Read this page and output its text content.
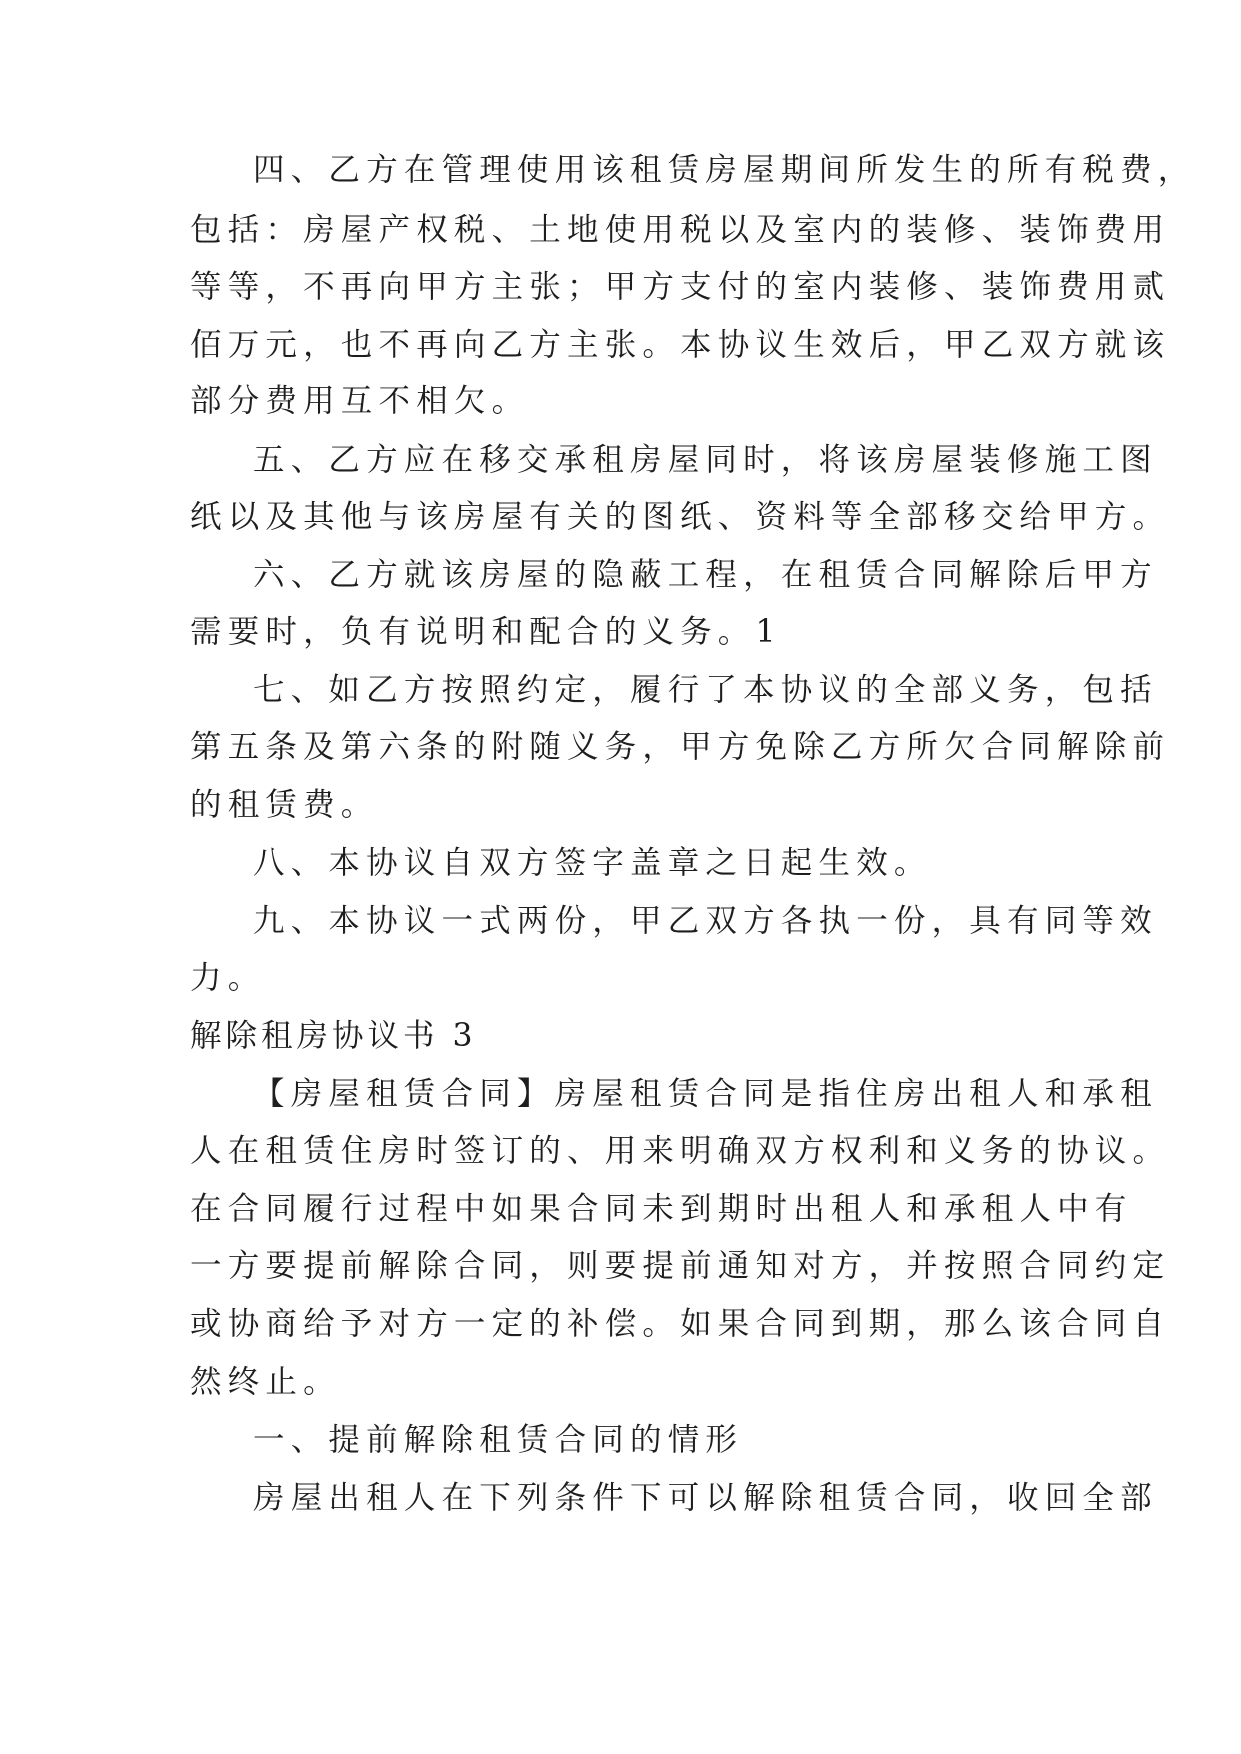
四、乙方在管理使用该租赁房屋期间所发生的所有税费，
包括：房屋产权税、土地使用税以及室内的装修、装饰费用
等等，不再向甲方主张；甲方支付的室内装修、装饰费用贰
佰万元，也不再向乙方主张。本协议生效后，甲乙双方就该
部分费用互不相欠。
五、乙方应在移交承租房屋同时，将该房屋装修施工图
纸以及其他与该房屋有关的图纸、资料等全部移交给甲方。
六、乙方就该房屋的隐蔽工程，在租赁合同解除后甲方
需要时，负有说明和配合的义务。1
七、如乙方按照约定，履行了本协议的全部义务，包括
第五条及第六条的附随义务，甲方免除乙方所欠合同解除前
的租赁费。
八、本协议自双方签字盖章之日起生效。
九、本协议一式两份，甲乙双方各执一份，具有同等效
力。
解除租房协议书 3
【房屋租赁合同】房屋租赁合同是指住房出租人和承租
人在租赁住房时签订的、用来明确双方权利和义务的协议。
在合同履行过程中如果合同未到期时出租人和承租人中有
一方要提前解除合同，则要提前通知对方，并按照合同约定
或协商给予对方一定的补偿。如果合同到期，那么该合同自
然终止。
一、提前解除租赁合同的情形
房屋出租人在下列条件下可以解除租赁合同，收回全部
